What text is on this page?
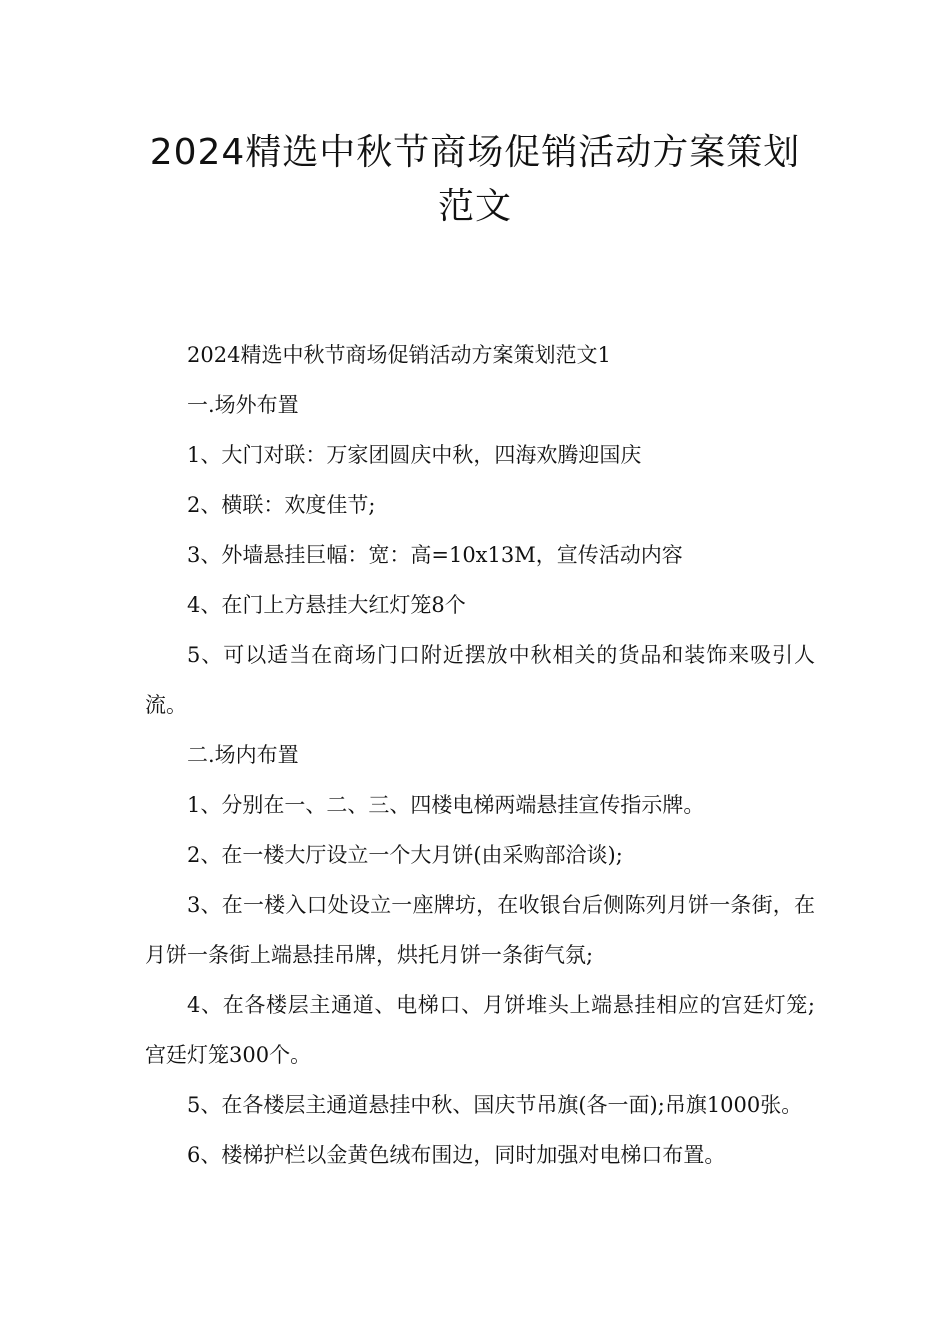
2024精选中秋节商场促销活动方案策划
范文

2024精选中秋节商场促销活动方案策划范文1

一.场外布置

1、大门对联：万家团圆庆中秋，四海欢腾迎国庆

2、横联：欢度佳节;

3、外墙悬挂巨幅：宽：高=10x13M，宣传活动内容

4、在门上方悬挂大红灯笼8个

5、可以适当在商场门口附近摆放中秋相关的货品和装饰来吸引人流。

二.场内布置

1、分别在一、二、三、四楼电梯两端悬挂宣传指示牌。

2、在一楼大厅设立一个大月饼(由采购部洽谈);

3、在一楼入口处设立一座牌坊，在收银台后侧陈列月饼一条街，在月饼一条街上端悬挂吊牌，烘托月饼一条街气氛;

4、在各楼层主通道、电梯口、月饼堆头上端悬挂相应的宫廷灯笼;宫廷灯笼300个。

5、在各楼层主通道悬挂中秋、国庆节吊旗(各一面);吊旗1000张。

6、楼梯护栏以金黄色绒布围边，同时加强对电梯口布置。
